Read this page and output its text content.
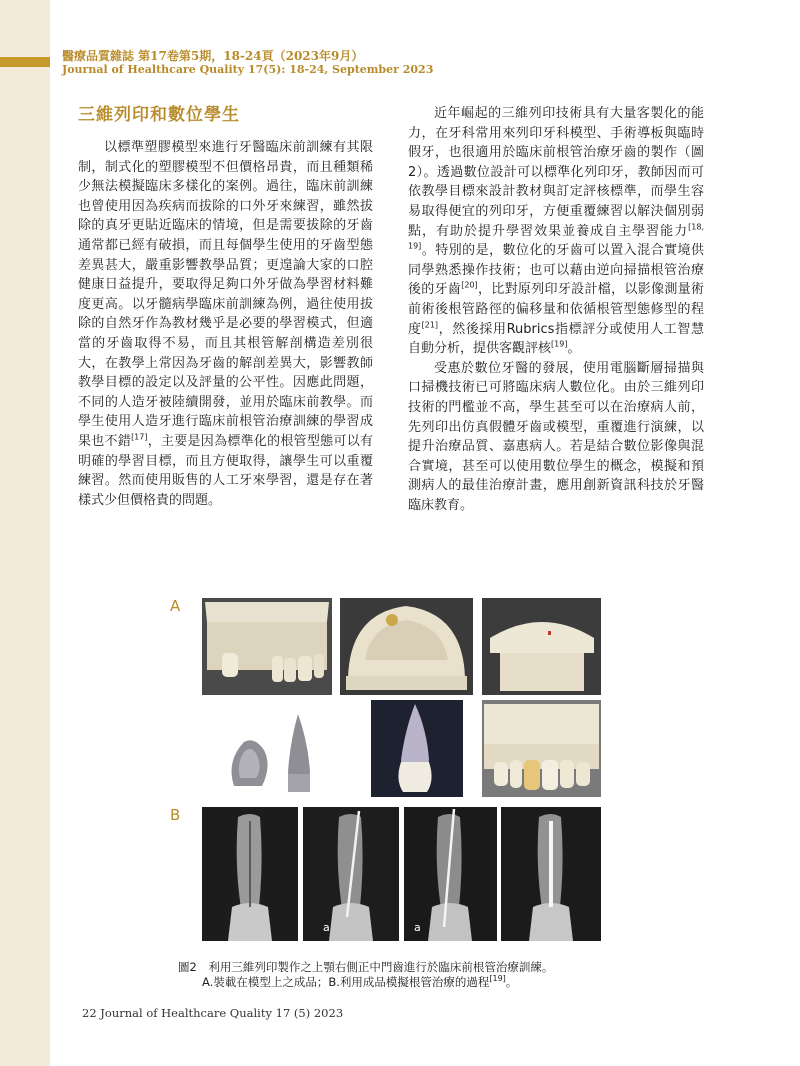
醫療品質雜誌 第17卷第5期，18-24頁（2023年9月）
Journal of Healthcare Quality 17(5): 18-24, September 2023
三維列印和數位學生

以標準塑膠模型來進行牙醫臨床前訓練有其限制，制式化的塑膠模型不但價格昂貴，而且種類稀少無法模擬臨床多樣化的案例。過往，臨床前訓練也曾使用因為疾病而拔除的口外牙來練習，雖然拔除的真牙更貼近臨床的情境，但是需要拔除的牙齒通常都已經有破損，而且每個學生使用的牙齒型態差異甚大，嚴重影響教學品質；更遑論大家的口腔健康日益提升，要取得足夠口外牙做為學習材料難度更高。以牙髓病學臨床前訓練為例，過往使用拔除的自然牙作為教材幾乎是必要的學習模式，但適當的牙齒取得不易，而且其根管解剖構造差別很大，在教學上常因為牙齒的解剖差異大，影響教師教學目標的設定以及評量的公平性。因應此問題，不同的人造牙被陸續開發，並用於臨床前教學。而學生使用人造牙進行臨床前根管治療訓練的學習成果也不錯[17]，主要是因為標準化的根管型態可以有明確的學習目標，而且方便取得，讓學生可以重覆練習。然而使用販售的人工牙來學習，還是存在著樣式少但價格貴的問題。

近年崛起的三維列印技術具有大量客製化的能力，在牙科常用來列印牙科模型、手術導板與臨時假牙，也很適用於臨床前根管治療牙齒的製作（圖2）。透過數位設計可以標準化列印牙，教師因而可依教學目標來設計教材與訂定評核標準，而學生容易取得便宜的列印牙，方便重覆練習以解決個別弱點，有助於提升學習效果並養成自主學習能力[18, 19]。特別的是，數位化的牙齒可以置入混合實境供同學熟悉操作技術；也可以藉由逆向掃描根管治療後的牙齒[20]，比對原列印牙設計檔，以影像測量術前術後根管路徑的偏移量和依循根管型態修型的程度[21]，然後採用Rubrics指標評分或使用人工智慧自動分析，提供客觀評核[19]。

受惠於數位牙醫的發展，使用電腦斷層掃描與口掃機技術已可將臨床病人數位化。由於三維列印技術的門檻並不高，學生甚至可以在治療病人前，先列印出仿真假體牙齒或模型，重覆進行演練，以提升治療品質、嘉惠病人。若是結合數位影像與混合實境，甚至可以使用數位學生的概念，模擬和預測病人的最佳治療計畫，應用創新資訊科技於牙醫臨床教育。

A
B
a	a
圖2　利用三維列印製作之上顎右側正中門齒進行於臨床前根管治療訓練。
A.裝載在模型上之成品；B.利用成品模擬根管治療的過程[19]。
22 Journal of Healthcare Quality 17 (5) 2023
